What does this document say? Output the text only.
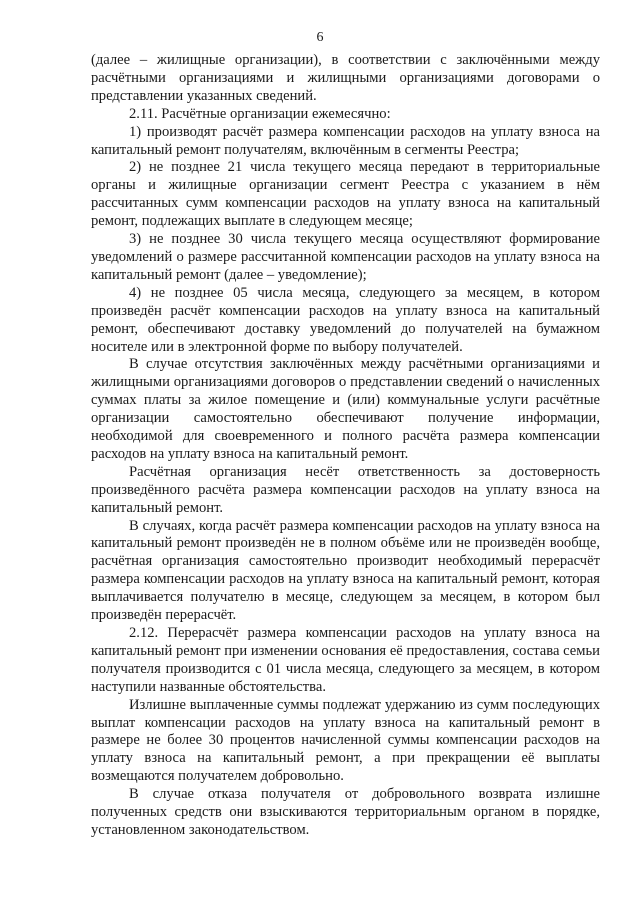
6

(далее – жилищные организации), в соответствии с заключёнными между расчётными организациями и жилищными организациями договорами о представлении указанных сведений.

2.11. Расчётные организации ежемесячно:

1) производят расчёт размера компенсации расходов на уплату взноса на капитальный ремонт получателям, включённым в сегменты Реестра;

2) не позднее 21 числа текущего месяца передают в территориальные органы и жилищные организации сегмент Реестра с указанием в нём рассчитанных сумм компенсации расходов на уплату взноса на капитальный ремонт, подлежащих выплате в следующем месяце;

3) не позднее 30 числа текущего месяца осуществляют формирование уведомлений о размере рассчитанной компенсации расходов на уплату взноса на капитальный ремонт (далее – уведомление);

4) не позднее 05 числа месяца, следующего за месяцем, в котором произведён расчёт компенсации расходов на уплату взноса на капитальный ремонт, обеспечивают доставку уведомлений до получателей на бумажном носителе или в электронной форме по выбору получателей.

В случае отсутствия заключённых между расчётными организациями и жилищными организациями договоров о представлении сведений о начисленных суммах платы за жилое помещение и (или) коммунальные услуги расчётные организации самостоятельно обеспечивают получение информации, необходимой для своевременного и полного расчёта размера компенсации расходов на уплату взноса на капитальный ремонт.

Расчётная организация несёт ответственность за достоверность произведённого расчёта размера компенсации расходов на уплату взноса на капитальный ремонт.

В случаях, когда расчёт размера компенсации расходов на уплату взноса на капитальный ремонт произведён не в полном объёме или не произведён вообще, расчётная организация самостоятельно производит необходимый перерасчёт размера компенсации расходов на уплату взноса на капитальный ремонт, которая выплачивается получателю в месяце, следующем за месяцем, в котором был произведён перерасчёт.

2.12. Перерасчёт размера компенсации расходов на уплату взноса на капитальный ремонт при изменении основания её предоставления, состава семьи получателя производится с 01 числа месяца, следующего за месяцем, в котором наступили названные обстоятельства.

Излишне выплаченные суммы подлежат удержанию из сумм последующих выплат компенсации расходов на уплату взноса на капитальный ремонт в размере не более 30 процентов начисленной суммы компенсации расходов на уплату взноса на капитальный ремонт, а при прекращении её выплаты возмещаются получателем добровольно.

В случае отказа получателя от добровольного возврата излишне полученных средств они взыскиваются территориальным органом в порядке, установленном законодательством.
